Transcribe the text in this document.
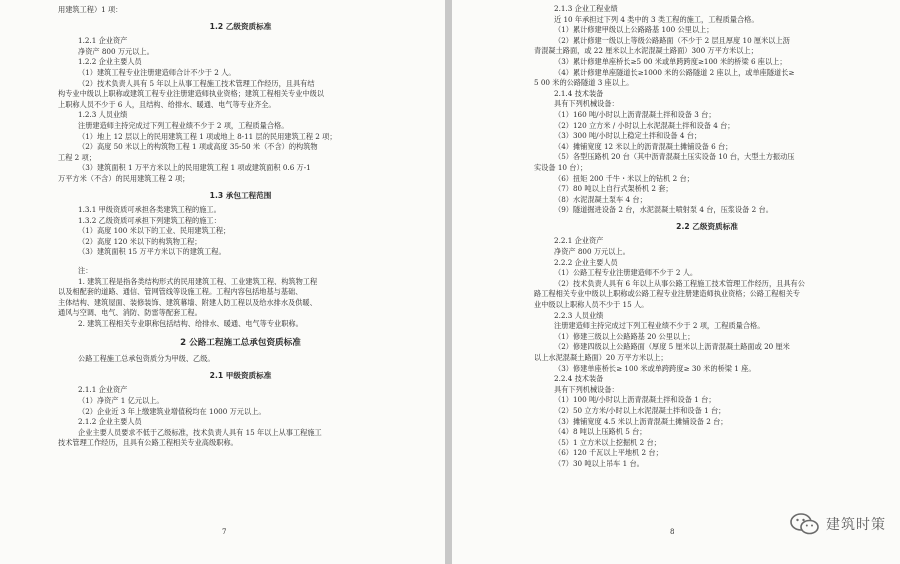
用建筑工程）1 项：

1.2 乙级资质标准

1.2.1 企业资产

净资产 800 万元以上。

1.2.2 企业主要人员

（1）建筑工程专业注册建造师合计不少于 2 人。

（2）技术负责人具有 5 年以上从事工程施工技术管理工作经历，且具有结

构专业中级以上职称或建筑工程专业注册建造师执业资格；建筑工程相关专业中级以

上职称人员不少于 6 人，且结构、给排水、暖通、电气等专业齐全。

1.2.3 人员业绩

注册建造师主持完成过下列工程业绩不少于 2 项，工程质量合格。

（1）地上 12 层以上的民用建筑工程 1 项或地上 8-11 层的民用建筑工程 2 项；

（2）高度 50 米以上的构筑物工程 1 项或高度 35-50 米（不含）的构筑物

工程 2 项；

（3）建筑面积 1 万平方米以上的民用建筑工程 1 项或建筑面积 0.6 万-1

万平方米（不含）的民用建筑工程 2 项；

1.3 承包工程范围

1.3.1 甲级资质可承担各类建筑工程的施工。

1.3.2 乙级资质可承担下列建筑工程的施工：

（1）高度 100 米以下的工业、民用建筑工程；

（2）高度 120 米以下的构筑物工程；

（3）建筑面积 15 万平方米以下的建筑工程。

注：

1. 建筑工程是指各类结构形式的民用建筑工程、工业建筑工程、构筑物工程

以及相配套的道路、通信、管网管线等设施工程。工程内容包括地基与基础、

主体结构、建筑屋面、装修装饰、建筑幕墙、附建人防工程以及给水排水及供暖、

通风与空调、电气、消防、防雷等配套工程。

2. 建筑工程相关专业职称包括结构、给排水、暖通、电气等专业职称。

2 公路工程施工总承包资质标准

公路工程施工总承包资质分为甲级、乙级。

2.1 甲级资质标准

2.1.1 企业资产

（1）净资产 1 亿元以上。

（2）企业近 3 年上缴建筑业增值税均在 1000 万元以上。

2.1.2 企业主要人员

企业主要人员要求不低于乙级标准，技术负责人具有 15 年以上从事工程施工

技术管理工作经历，且具有公路工程相关专业高级职称。

7

2.1.3 企业工程业绩

近 10 年承担过下列 4 类中的 3 类工程的施工，工程质量合格。

（1）累计修建甲级以上公路路基 100 公里以上；

（2）累计修建一级以上等级公路路面（不少于 2 层且厚度 10 厘米以上沥

青混凝土路面，或 22 厘米以上水泥混凝土路面）300 万平方米以上；

（3）累计修建单座桥长≥5 00 米或单跨跨度≥100 米的桥梁 6 座以上；

（4）累计修建单座隧道长≥1000 米的公路隧道 2 座以上，或单座隧道长≥

5 00 米的公路隧道 3 座以上。

2.1.4 技术装备

具有下列机械设备：

（1）160 吨/小时以上沥青混凝土拌和设备 3 台；

（2）120 立方米 / 小时以上水泥混凝土拌和设备 4 台；

（3）300 吨/小时以上稳定土拌和设备 4 台；

（4）摊铺宽度 12 米以上的沥青混凝土摊铺设备 6 台；

（5）各型压路机 20 台（其中沥青混凝土压实设备 10 台，大型土方振动压

实设备 10 台）；

（6）扭矩 200 千牛・米以上的钻机 2 台；

（7）80 吨以上自行式架桥机 2 套；

（8）水泥混凝土泵车 4 台；

（9）隧道掘进设备 2 台，水泥混凝土喷射泵 4 台，压浆设备 2 台。

2.2 乙级资质标准

2.2.1 企业资产

净资产 800 万元以上。

2.2.2 企业主要人员

（1）公路工程专业注册建造师不少于 2 人。

（2）技术负责人具有 6 年以上从事公路工程施工技术管理工作经历，且具有公

路工程相关专业中级以上职称或公路工程专业注册建造师执业资格；公路工程相关专

业中级以上职称人员不少于 15 人。

2.2.3 人员业绩

注册建造师主持完成过下列工程业绩不少于 2 项，工程质量合格。

（1）修建三级以上公路路基 20 公里以上；

（2）修建四级以上公路路面（厚度 5 厘米以上沥青混凝土路面或 20 厘米

以上水泥混凝土路面）20 万平方米以上；

（3）修建单座桥长≥ 100 米或单跨跨度≥ 30 米的桥梁 1 座。

2.2.4 技术装备

具有下列机械设备：

（1）100 吨/小时以上沥青混凝土拌和设备 1 台；

（2）50 立方米/小时以上水泥混凝土拌和设备 1 台；

（3）摊铺宽度 4.5 米以上沥青混凝土摊铺设备 2 台；

（4）8 吨以上压路机 5 台；

（5）1 立方米以上挖掘机 2 台；

（6）120 千瓦以上平地机 2 台；

（7）30 吨以上吊车 1 台。

8	建筑时策
